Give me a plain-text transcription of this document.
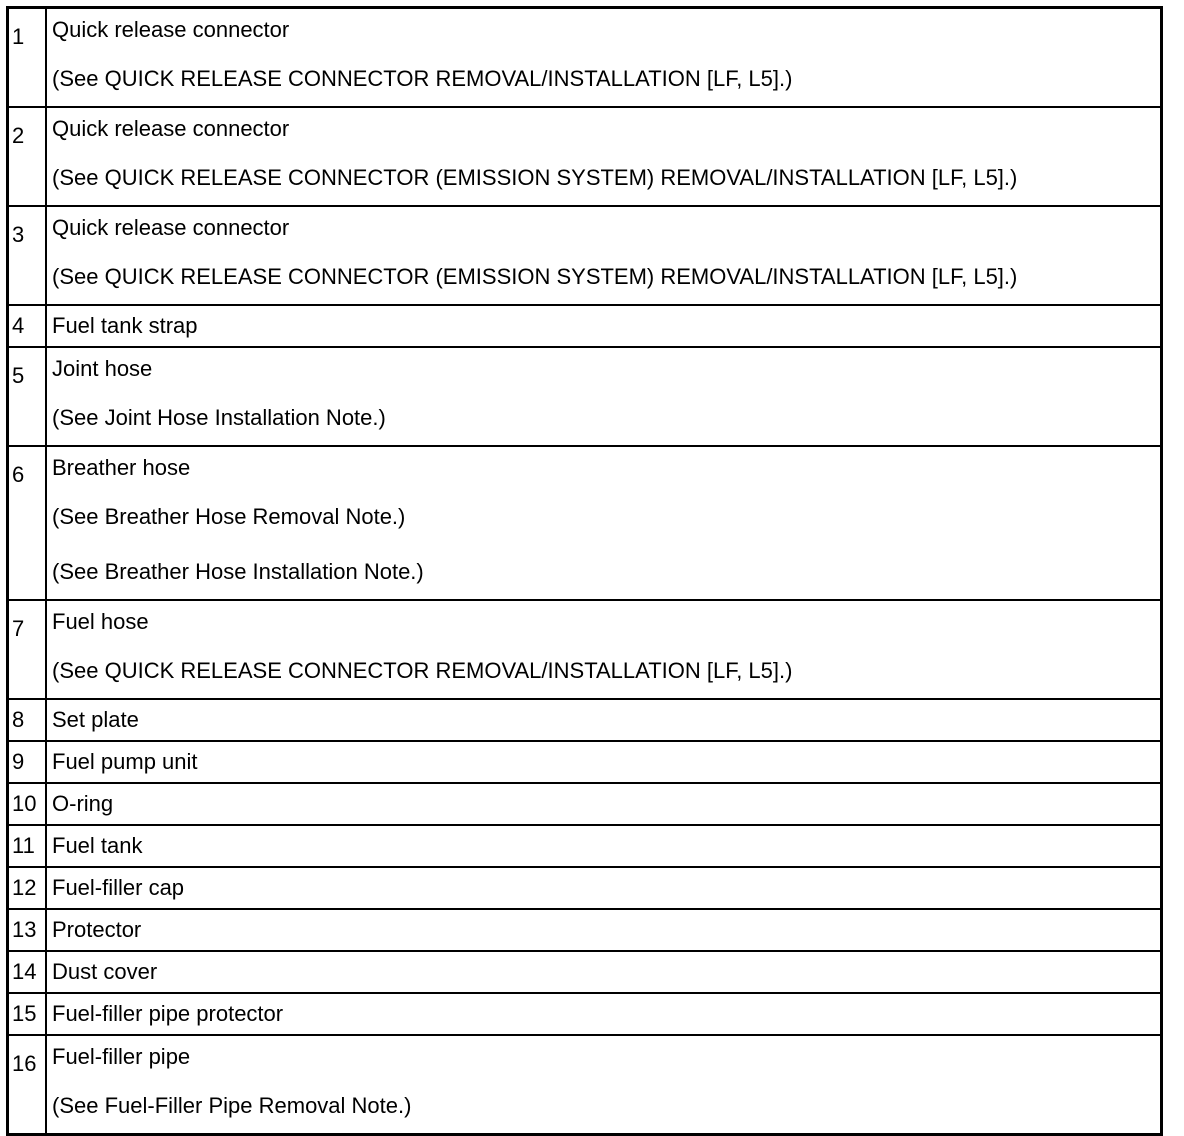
1	Quick release connector
(See QUICK RELEASE CONNECTOR REMOVAL/INSTALLATION [LF, L5].)

2	Quick release connector
(See QUICK RELEASE CONNECTOR (EMISSION SYSTEM) REMOVAL/INSTALLATION [LF, L5].)

3	Quick release connector
(See QUICK RELEASE CONNECTOR (EMISSION SYSTEM) REMOVAL/INSTALLATION [LF, L5].)

4	Fuel tank strap

5	Joint hose
(See Joint Hose Installation Note.)

6	Breather hose
(See Breather Hose Removal Note.)
(See Breather Hose Installation Note.)

7	Fuel hose
(See QUICK RELEASE CONNECTOR REMOVAL/INSTALLATION [LF, L5].)

8	Set plate

9	Fuel pump unit

10	O-ring

11	Fuel tank

12	Fuel-filler cap

13	Protector

14	Dust cover

15	Fuel-filler pipe protector

16	Fuel-filler pipe
(See Fuel-Filler Pipe Removal Note.)
